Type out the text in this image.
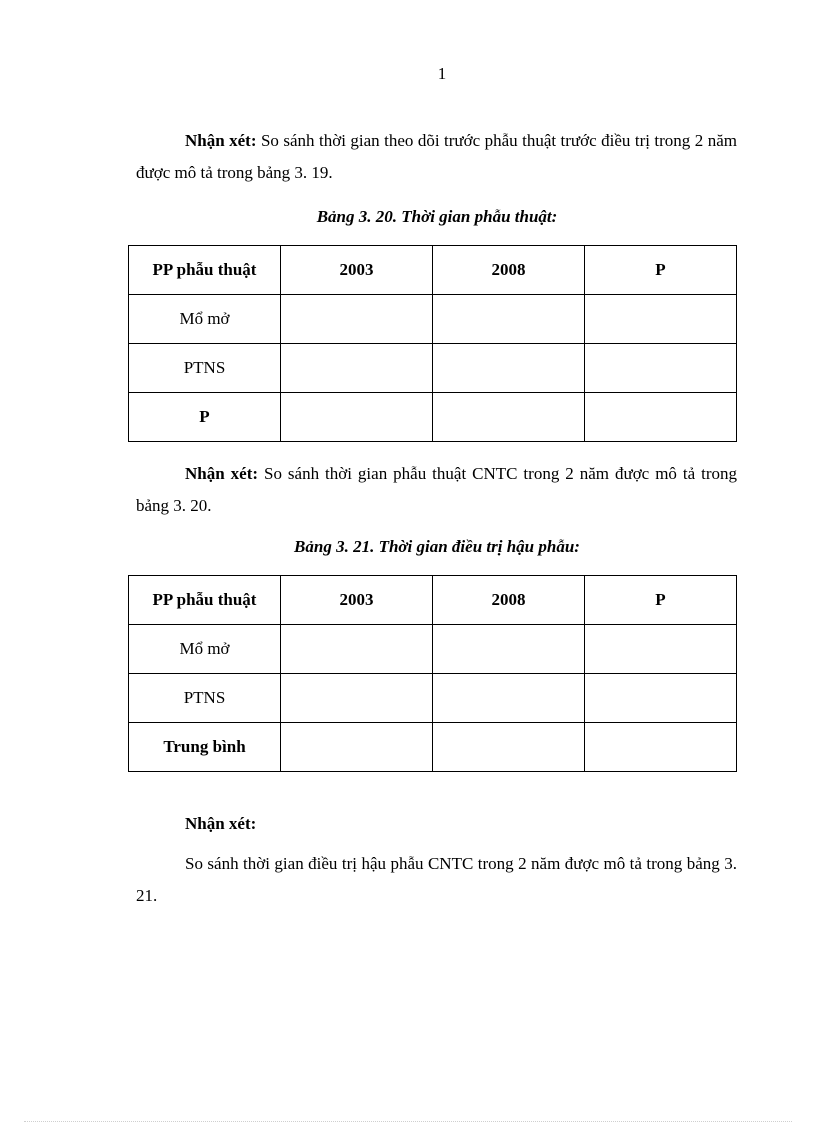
1

Nhận xét: So sánh thời gian theo dõi trước phẫu thuật trước điều trị trong 2 năm được mô tả trong bảng 3. 19.

Bảng 3. 20. Thời gian phẫu thuật:
PP phẫu thuật	2003	2008	P
Mổ mở			
PTNS			
P			

Nhận xét: So sánh thời gian phẫu thuật CNTC trong 2 năm được mô tả trong bảng 3. 20.

Bảng 3. 21. Thời gian điều trị hậu phẫu:
PP phẫu thuật	2003	2008	P
Mổ mở			
PTNS			
Trung bình			

Nhận xét:

So sánh thời gian điều trị hậu phẫu CNTC trong 2 năm được mô tả trong bảng 3. 21.
